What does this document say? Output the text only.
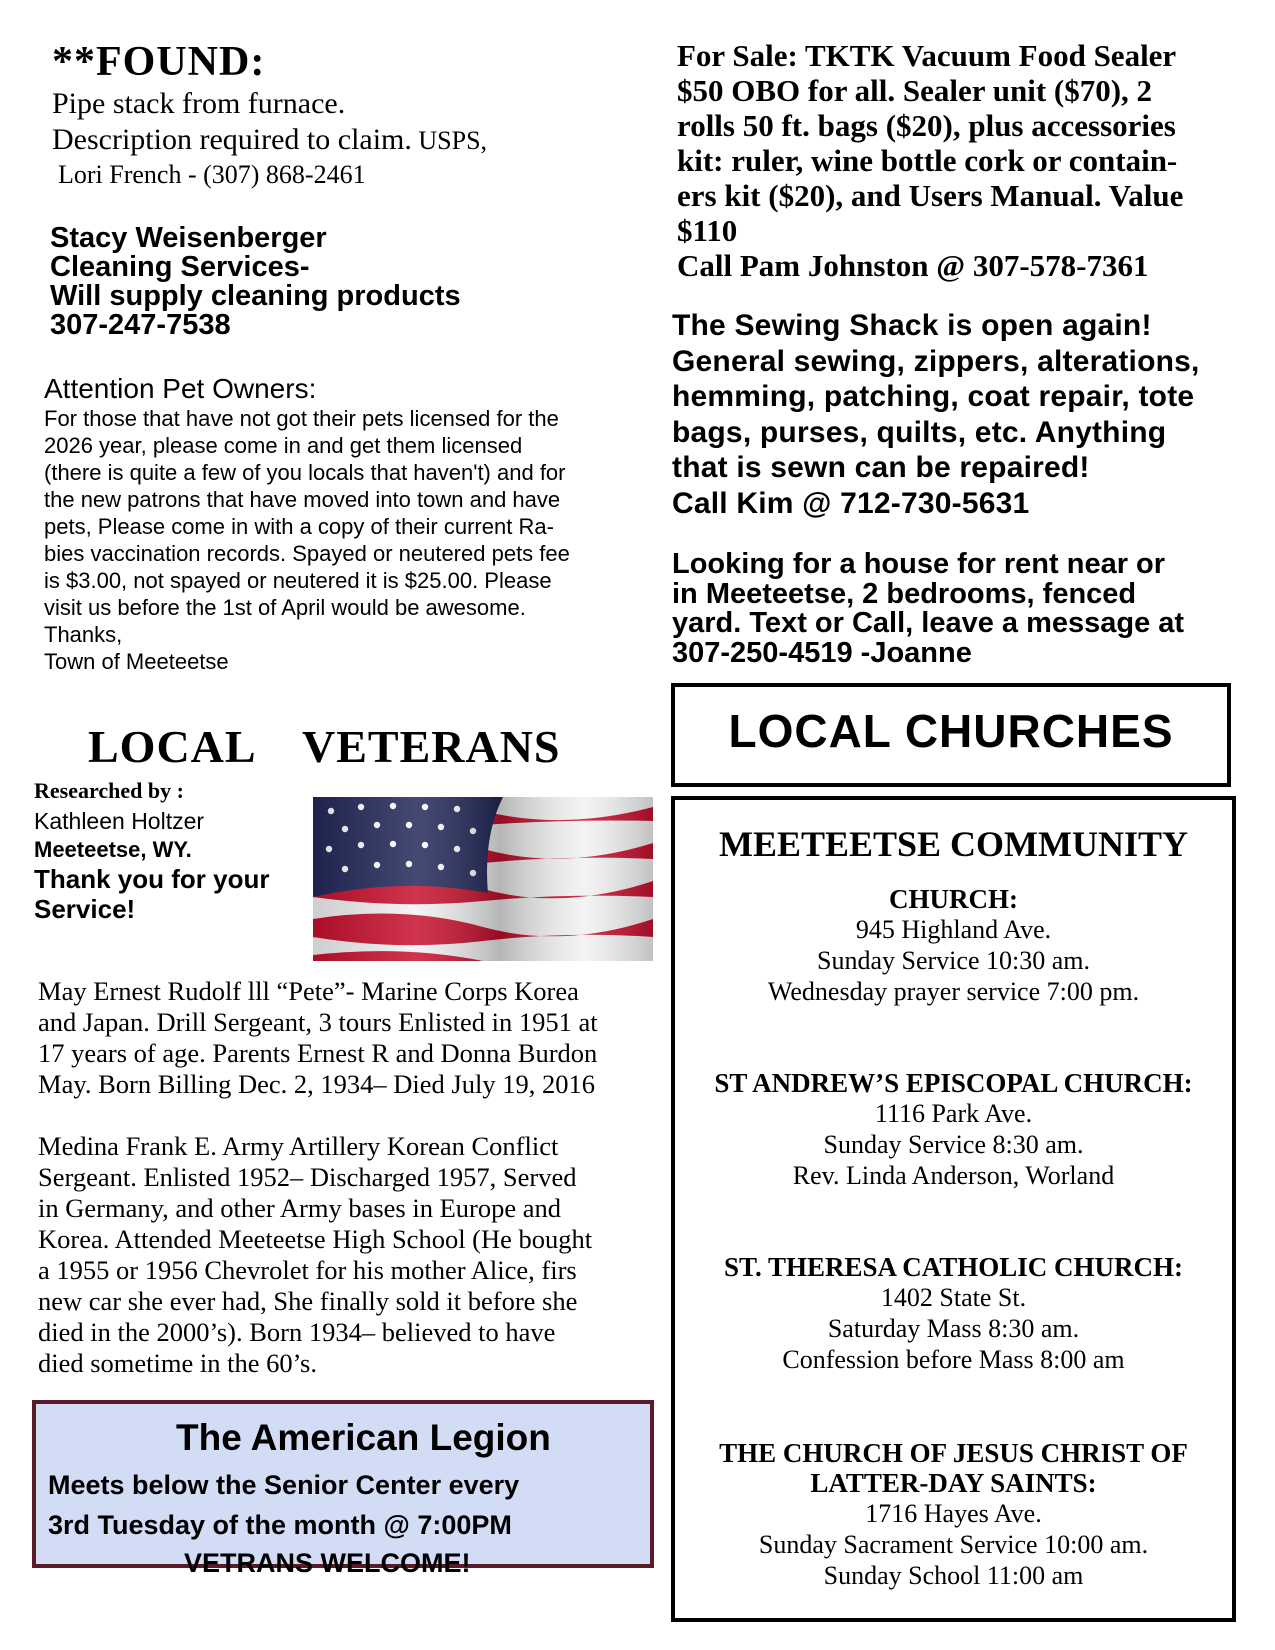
**FOUND:
Pipe stack from furnace.
Description required to claim. USPS,
Lori French - (307) 868-2461
Stacy Weisenberger
Cleaning Services-
Will supply cleaning products
307-247-7538
Attention Pet Owners:
For those that have not got their pets licensed for the
2026 year, please come in and get them licensed
(there is quite a few of you locals that haven't) and for
the new patrons that have moved into town and have
pets, Please come in with a copy of their current Ra-
bies vaccination records. Spayed or neutered pets fee
is $3.00, not spayed or neutered it is $25.00. Please
visit us before the 1st of April would be awesome.
Thanks,
Town of Meeteetse
For Sale: TKTK Vacuum Food Sealer
$50 OBO for all. Sealer unit ($70), 2
rolls 50 ft. bags ($20), plus accessories
kit: ruler, wine bottle cork or contain-
ers kit ($20), and Users Manual. Value
$110
Call Pam Johnston @ 307-578-7361
The Sewing Shack is open again!
General sewing, zippers, alterations,
hemming, patching, coat repair, tote
bags, purses, quilts, etc. Anything
that is sewn can be repaired!
Call Kim @ 712-730-5631
Looking for a house for rent near or
in Meeteetse, 2 bedrooms, fenced
yard. Text or Call, leave a message at
307-250-4519 -Joanne
LOCAL VETERANS
Researched by :
Kathleen Holtzer
Meeteetse, WY.
Thank you for your
Service!
May Ernest Rudolf lll “Pete”- Marine Corps Korea
and Japan. Drill Sergeant, 3 tours Enlisted in 1951 at
17 years of age. Parents Ernest R and Donna Burdon
May. Born Billing Dec. 2, 1934– Died July 19, 2016
Medina Frank E. Army Artillery Korean Conflict
Sergeant. Enlisted 1952– Discharged 1957, Served
in Germany, and other Army bases in Europe and
Korea. Attended Meeteetse High School (He bought
a 1955 or 1956 Chevrolet for his mother Alice, firs
new car she ever had, She finally sold it before she
died in the 2000’s). Born 1934– believed to have
died sometime in the 60’s.
The American Legion
Meets below the Senior Center every
3rd Tuesday of the month @ 7:00PM
VETRANS WELCOME!
LOCAL CHURCHES
MEETEETSE COMMUNITY
CHURCH:
945 Highland Ave.
Sunday Service 10:30 am.
Wednesday prayer service 7:00 pm.
ST ANDREW’S EPISCOPAL CHURCH:
1116 Park Ave.
Sunday Service 8:30 am.
Rev. Linda Anderson, Worland
ST. THERESA CATHOLIC CHURCH:
1402 State St.
Saturday Mass 8:30 am.
Confession before Mass 8:00 am
THE CHURCH OF JESUS CHRIST OF
LATTER-DAY SAINTS:
1716 Hayes Ave.
Sunday Sacrament Service 10:00 am.
Sunday School 11:00 am
